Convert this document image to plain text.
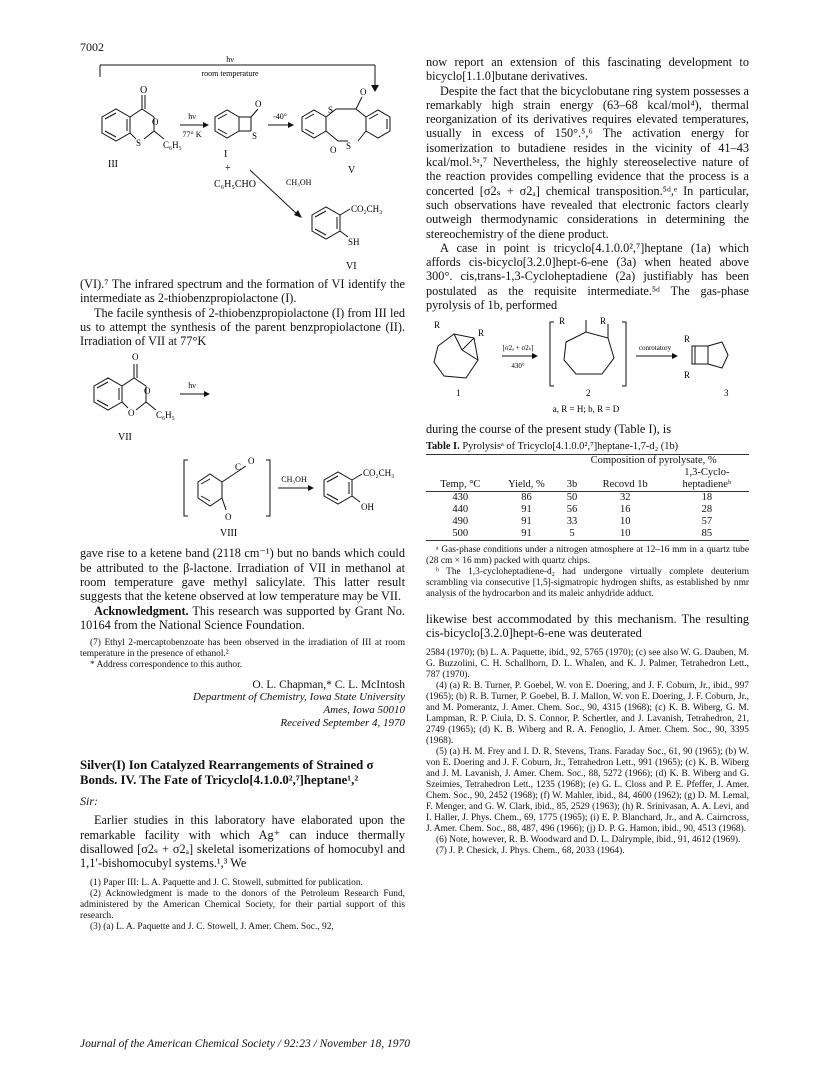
7002
hν
room temperature
O
O
S C₆H₅
III
hν
77° K
O
S
I
+
C₆H₅CHO
-40°
S
O
S
O
V
CH₃OH
CO₂CH₃
SH
VI

(VI).⁷ The infrared spectrum and the formation of VI identify the intermediate as 2-thiobenzpropiolactone (I).

The facile synthesis of 2-thiobenzpropiolactone (I) from III led us to attempt the synthesis of the parent benzpropiolactone (II). Irradiation of VII at 77°K

O
O
O C₆H₅
VII
hν
C
O
O
VIII
CH₃OH
CO₂CH₃
OH

gave rise to a ketene band (2118 cm⁻¹) but no bands which could be attributed to the β-lactone. Irradiation of VII in methanol at room temperature gave methyl salicylate. This latter result suggests that the ketene observed at low temperature may be VII.

Acknowledgment. This research was supported by Grant No. 10164 from the National Science Foundation.

(7) Ethyl 2-mercaptobenzoate has been observed in the irradiation of III at room temperature in the presence of ethanol.²

* Address correspondence to this author.

O. L. Chapman,* C. L. McIntosh

Department of Chemistry, Iowa State University

Ames, Iowa 50010

Received September 4, 1970

Silver(I) Ion Catalyzed Rearrangements of Strained σ Bonds. IV. The Fate of Tricyclo[4.1.0.0²,⁷]heptane¹,²

Sir:

Earlier studies in this laboratory have elaborated upon the remarkable facility with which Ag⁺ can induce thermally disallowed [σ2ₛ + σ2ₐ] skeletal isomerizations of homocubyl and 1,1′-bishomocubyl systems.¹,³ We

(1) Paper III: L. A. Paquette and J. C. Stowell, submitted for publication.

(2) Acknowledgment is made to the donors of the Petroleum Research Fund, administered by the American Chemical Society, for their partial support of this research.

(3) (a) L. A. Paquette and J. C. Stowell, J. Amer. Chem. Soc., 92,

now report an extension of this fascinating development to bicyclo[1.1.0]butane derivatives.

Despite the fact that the bicyclobutane ring system possesses a remarkably high strain energy (63–68 kcal/mol⁴), thermal reorganization of its derivatives requires elevated temperatures, usually in excess of 150°.⁵,⁶ The activation energy for isomerization to butadiene resides in the vicinity of 41–43 kcal/mol.⁵ᵃ,⁷ Nevertheless, the highly stereoselective nature of the reaction provides compelling evidence that the process is a concerted [σ2ₛ + σ2ₐ] chemical transposition.⁵ᵈ,ᵉ In particular, such observations have revealed that electronic factors clearly outweigh thermodynamic considerations in determining the stereochemistry of the diene product.

A case in point is tricyclo[4.1.0.0²,⁷]heptane (1a) which affords cis-bicyclo[3.2.0]hept-6-ene (3a) when heated above 300°. cis,trans-1,3-Cycloheptadiene (2a) justifiably has been postulated as the requisite intermediate.⁵ᵈ The gas-phase pyrolysis of 1b, performed

R
R
1
[σ2ₐ + σ2ₛ]
430°
R	R
2
a, R = H; b, R = D
conrotatory
R
R
3

during the course of the present study (Table I), is

Table I. Pyrolysisᵃ of Tricyclo[4.1.0.0²,⁷]heptane-1,7-d₂ (1b)

		Composition of pyrolysate, %		
				1,3-Cyclo-
Temp, °C	Yield, %	3b	Recovd 1b	heptadieneᵇ
430	86	50	32	18
440	91	56	16	28
490	91	33	10	57
500	91	5	10	85

ᵃ Gas-phase conditions under a nitrogen atmosphere at 12–16 mm in a quartz tube (28 cm × 16 mm) packed with quartz chips.

ᵇ The 1,3-cycloheptadiene-d₂ had undergone virtually complete deuterium scrambling via consecutive [1,5]-sigmatropic hydrogen shifts, as established by nmr analysis of the hydrocarbon and its maleic anhydride adduct.

likewise best accommodated by this mechanism. The resulting cis-bicyclo[3.2.0]hept-6-ene was deuterated

2584 (1970); (b) L. A. Paquette, ibid., 92, 5765 (1970); (c) see also W. G. Dauben, M. G. Buzzolini, C. H. Schallhorn, D. L. Whalen, and K. J. Palmer, Tetrahedron Lett., 787 (1970).

(4) (a) R. B. Turner, P. Goebel, W. von E. Doering, and J. F. Coburn, Jr., ibid., 997 (1965); (b) R. B. Turner, P. Goebel, B. J. Mallon, W. von E. Doering, J. F. Coburn, Jr., and M. Pomerantz, J. Amer. Chem. Soc., 90, 4315 (1968); (c) K. B. Wiberg, G. M. Lampman, R. P. Ciula, D. S. Connor, P. Schertler, and J. Lavanish, Tetrahedron, 21, 2749 (1965); (d) K. B. Wiberg and R. A. Fenoglio, J. Amer. Chem. Soc., 90, 3395 (1968).

(5) (a) H. M. Frey and I. D. R. Stevens, Trans. Faraday Soc., 61, 90 (1965); (b) W. von E. Doering and J. F. Coburn, Jr., Tetrahedron Lett., 991 (1965); (c) K. B. Wiberg and J. M. Lavanish, J. Amer. Chem. Soc., 88, 5272 (1966); (d) K. B. Wiberg and G. Szeimies, Tetrahedron Lett., 1235 (1968); (e) G. L. Closs and P. E. Pfeffer, J. Amer. Chem. Soc., 90, 2452 (1968); (f) W. Mahler, ibid., 84, 4600 (1962); (g) D. M. Lemal, F. Menger, and G. W. Clark, ibid., 85, 2529 (1963); (h) R. Srinivasan, A. A. Levi, and I. Haller, J. Phys. Chem., 69, 1775 (1965); (i) E. P. Blanchard, Jr., and A. Cairncross, J. Amer. Chem. Soc., 88, 487, 496 (1966); (j) D. P. G. Hamon, ibid., 90, 4513 (1968).

(6) Note, however, R. B. Woodward and D. L. Dalrymple, ibid., 91, 4612 (1969).

(7) J. P. Chesick, J. Phys. Chem., 68, 2033 (1964).

Journal of the American Chemical Society / 92:23 / November 18, 1970
